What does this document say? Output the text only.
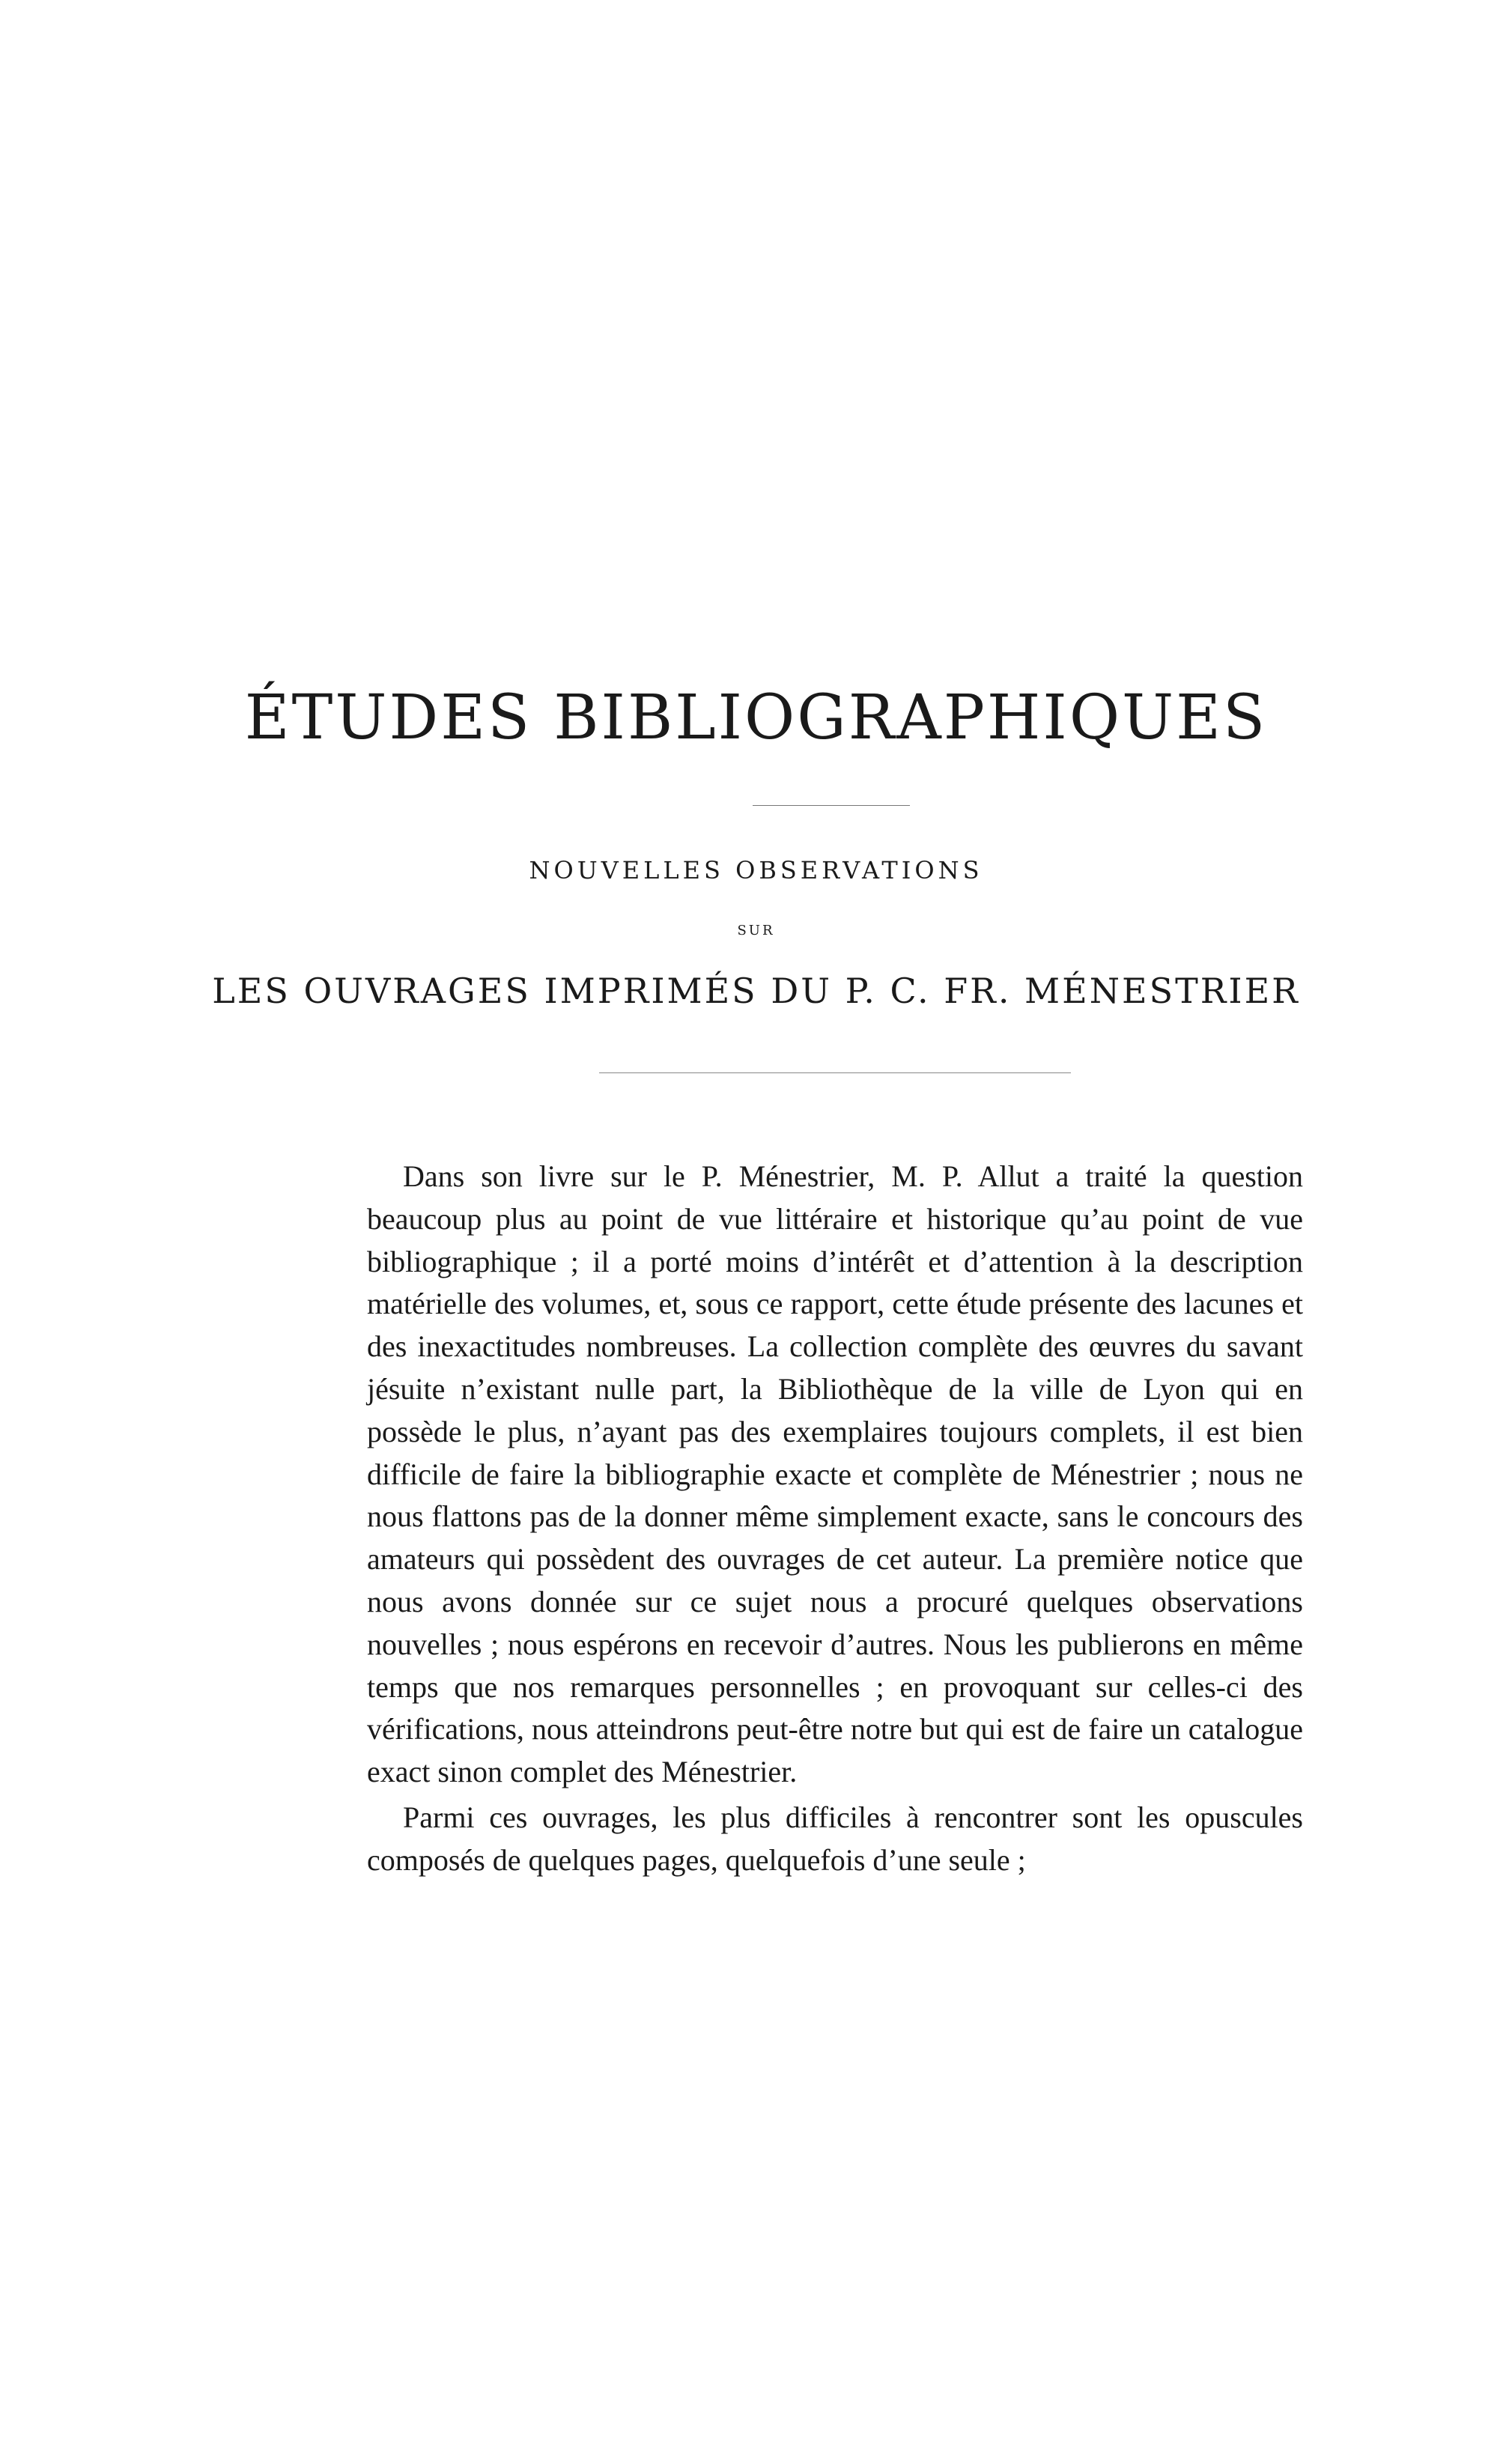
ÉTUDES BIBLIOGRAPHIQUES
NOUVELLES OBSERVATIONS
SUR
LES OUVRAGES IMPRIMÉS DU P. C. FR. MÉNESTRIER

Dans son livre sur le P. Ménestrier, M. P. Allut a traité la question beaucoup plus au point de vue littéraire et historique qu’au point de vue bibliographique ; il a porté moins d’intérêt et d’attention à la description matérielle des volumes, et, sous ce rapport, cette étude présente des lacunes et des inexactitudes nombreuses. La collection complète des œuvres du savant jésuite n’existant nulle part, la Bibliothèque de la ville de Lyon qui en possède le plus, n’ayant pas des exemplaires toujours complets, il est bien difficile de faire la bibliographie exacte et complète de Ménestrier ; nous ne nous flattons pas de la donner même simplement exacte, sans le concours des amateurs qui possèdent des ouvrages de cet auteur. La première notice que nous avons donnée sur ce sujet nous a procuré quelques observations nouvelles ; nous espérons en recevoir d’autres. Nous les publierons en même temps que nos remarques personnelles ; en provoquant sur celles-ci des vérifications, nous atteindrons peut-être notre but qui est de faire un catalogue exact sinon complet des Ménestrier.

Parmi ces ouvrages, les plus difficiles à rencontrer sont les opuscules composés de quelques pages, quelquefois d’une seule ;
